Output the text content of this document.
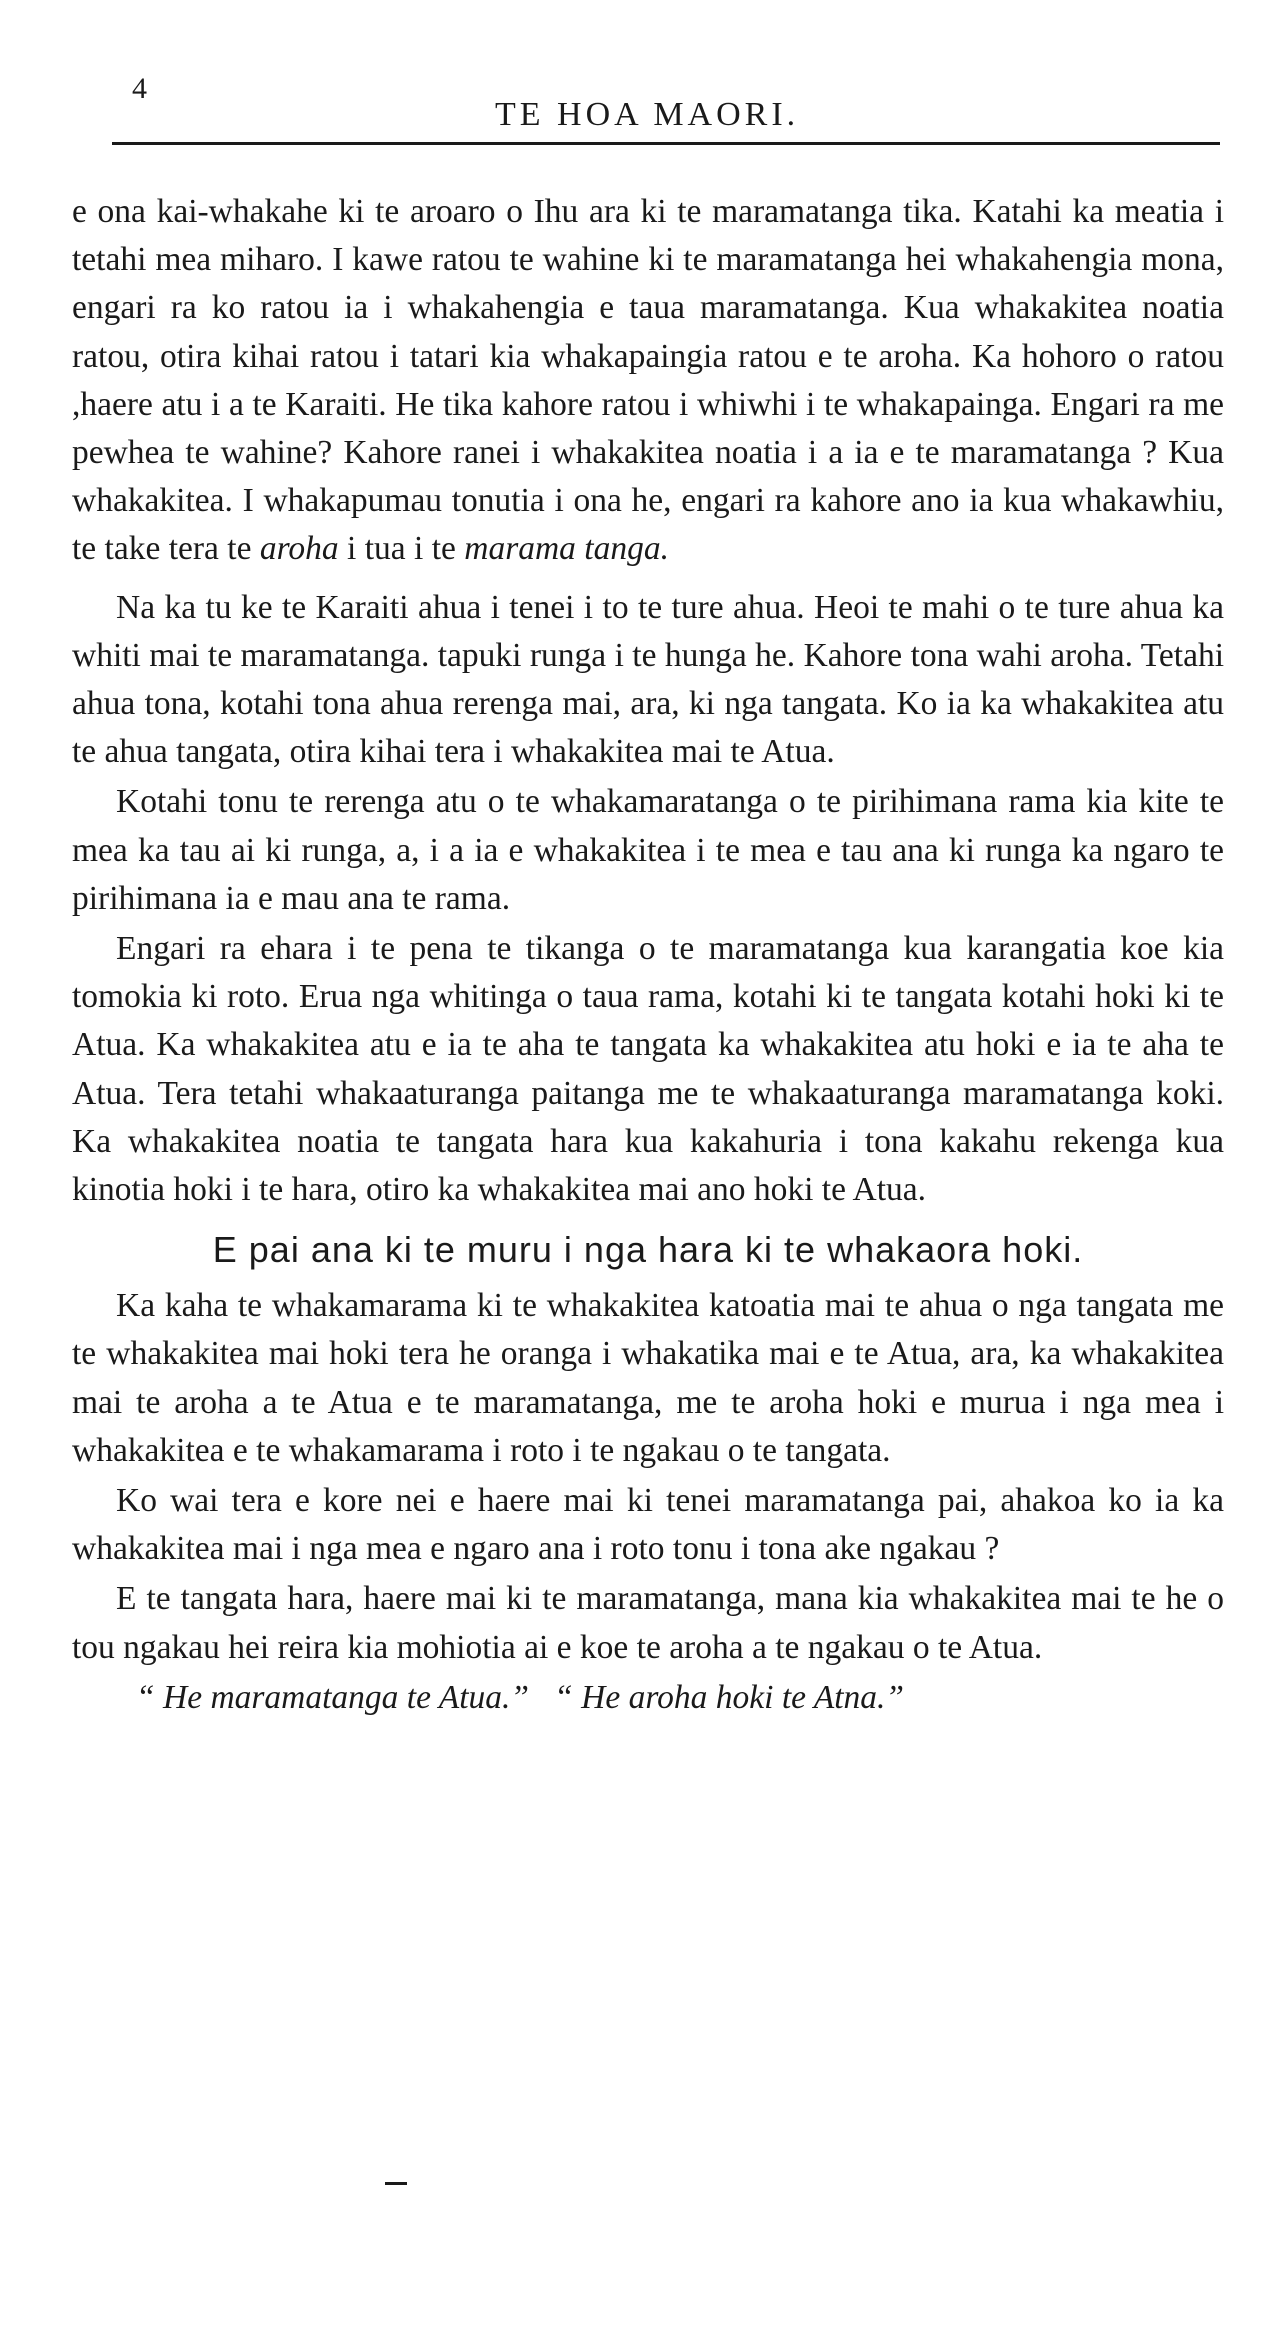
4
TE HOA MAORI.

e ona kai-whakahe ki te aroaro o Ihu ara ki te maramatanga tika. Katahi ka meatia i tetahi mea miharo. I kawe ratou te wahine ki te maramatanga hei whakahengia mona, engari ra ko ratou ia i whakahengia e taua maramatanga. Kua whakakitea noatia ratou, otira kihai ratou i tatari kia whakapaingia ratou e te aroha. Ka hohoro o ratou ,haere atu i a te Karaiti. He tika kahore ratou i whiwhi i te whakapainga. Engari ra me pewhea te wahine? Kahore ranei i whakakitea noatia i a ia e te maramatanga ? Kua whakakitea. I whakapumau tonutia i ona he, engari ra kahore ano ia kua whakawhiu, te take tera te aroha i tua i te marama tanga.

Na ka tu ke te Karaiti ahua i tenei i to te ture ahua. Heoi te mahi o te ture ahua ka whiti mai te maramatanga. tapuki runga i te hunga he. Kahore tona wahi aroha. Tetahi ahua tona, kotahi tona ahua rerenga mai, ara, ki nga tangata. Ko ia ka whakakitea atu te ahua tangata, otira kihai tera i whakakitea mai te Atua.

Kotahi tonu te rerenga atu o te whakamaratanga o te pirihimana rama kia kite te mea ka tau ai ki runga, a, i a ia e whakakitea i te mea e tau ana ki runga ka ngaro te pirihimana ia e mau ana te rama.

Engari ra ehara i te pena te tikanga o te maramatanga kua karangatia koe kia tomokia ki roto. Erua nga whitinga o taua rama, kotahi ki te tangata kotahi hoki ki te Atua. Ka whakakitea atu e ia te aha te tangata ka whakakitea atu hoki e ia te aha te Atua. Tera tetahi whakaaturanga paitanga me te whakaaturanga maramatanga koki. Ka whakakitea noatia te tangata hara kua kakahuria i tona kakahu rekenga kua kinotia hoki i te hara, otiro ka whakakitea mai ano hoki te Atua.

E pai ana ki te muru i nga hara ki te whakaora hoki.

Ka kaha te whakamarama ki te whakakitea katoatia mai te ahua o nga tangata me te whakakitea mai hoki tera he oranga i whakatika mai e te Atua, ara, ka whakakitea mai te aroha a te Atua e te maramatanga, me te aroha hoki e murua i nga mea i whakakitea e te whakamarama i roto i te ngakau o te tangata.

Ko wai tera e kore nei e haere mai ki tenei maramatanga pai, ahakoa ko ia ka whakakitea mai i nga mea e ngaro ana i roto tonu i tona ake ngakau ?

E te tangata hara, haere mai ki te maramatanga, mana kia whakakitea mai te he o tou ngakau hei reira kia mohiotia ai e koe te aroha a te ngakau o te Atua.

“ He maramatanga te Atua.” “ He aroha hoki te Atna.”
